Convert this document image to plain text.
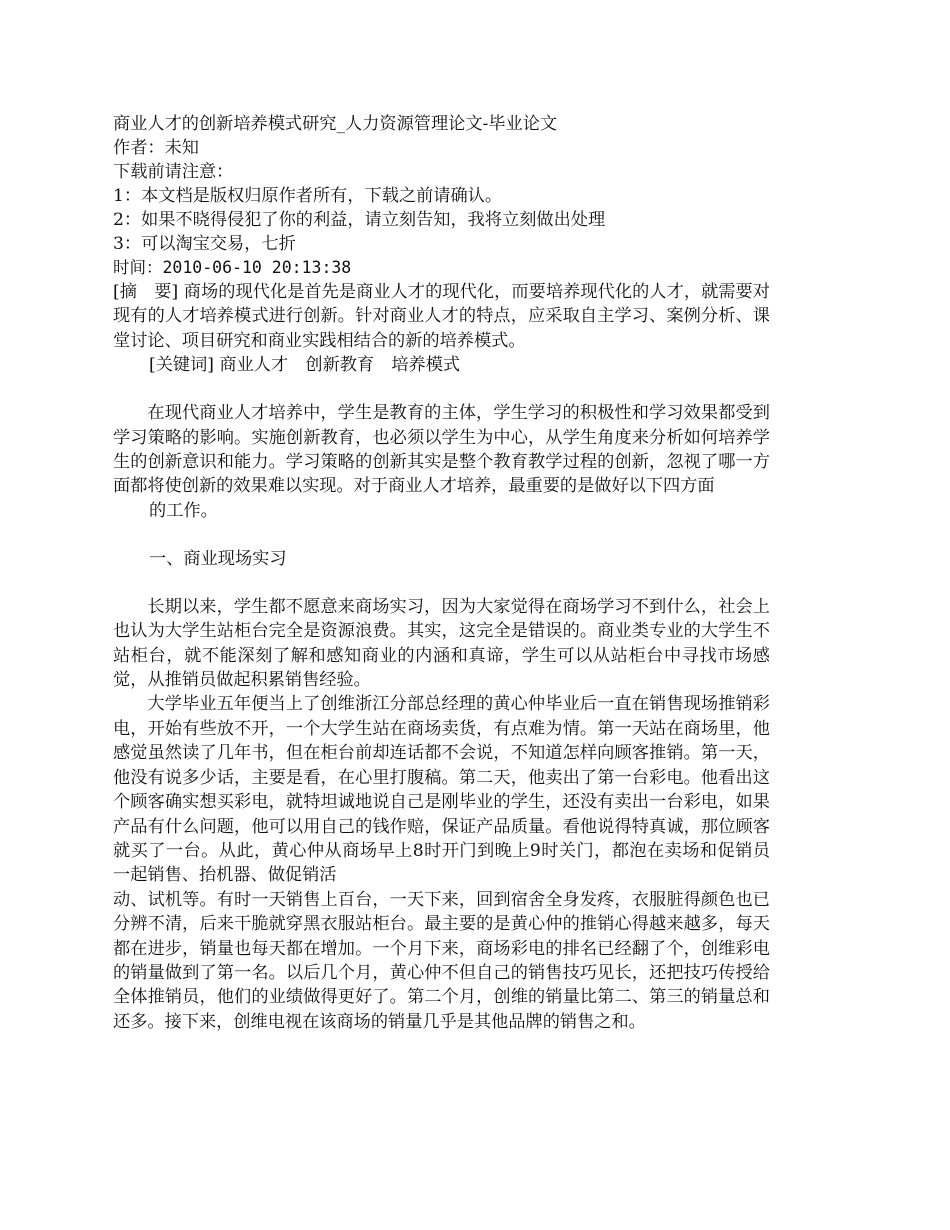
商业人才的创新培养模式研究_人力资源管理论文-毕业论文

作者：未知

下载前请注意：

1：本文档是版权归原作者所有，下载之前请确认。

2：如果不晓得侵犯了你的利益，请立刻告知，我将立刻做出处理

3：可以淘宝交易，七折

时间：2010-06-10 20:13:38

[摘　要] 商场的现代化是首先是商业人才的现代化，而要培养现代化的人才，就需要对现有的人才培养模式进行创新。针对商业人才的特点，应采取自主学习、案例分析、课堂讨论、项目研究和商业实践相结合的新的培养模式。

[关键词] 商业人才　创新教育　培养模式

在现代商业人才培养中，学生是教育的主体，学生学习的积极性和学习效果都受到学习策略的影响。实施创新教育，也必须以学生为中心，从学生角度来分析如何培养学生的创新意识和能力。学习策略的创新其实是整个教育教学过程的创新，忽视了哪一方面都将使创新的效果难以实现。对于商业人才培养，最重要的是做好以下四方面

的工作。

一、商业现场实习

长期以来，学生都不愿意来商场实习，因为大家觉得在商场学习不到什么，社会上也认为大学生站柜台完全是资源浪费。其实，这完全是错误的。商业类专业的大学生不站柜台，就不能深刻了解和感知商业的内涵和真谛，学生可以从站柜台中寻找市场感觉，从推销员做起积累销售经验。

大学毕业五年便当上了创维浙江分部总经理的黄心仲毕业后一直在销售现场推销彩电，开始有些放不开，一个大学生站在商场卖货，有点难为情。第一天站在商场里，他感觉虽然读了几年书，但在柜台前却连话都不会说，不知道怎样向顾客推销。第一天，他没有说多少话，主要是看，在心里打腹稿。第二天，他卖出了第一台彩电。他看出这个顾客确实想买彩电，就特坦诚地说自己是刚毕业的学生，还没有卖出一台彩电，如果产品有什么问题，他可以用自己的钱作赔，保证产品质量。看他说得特真诚，那位顾客就买了一台。从此，黄心仲从商场早上8时开门到晚上9时关门，都泡在卖场和促销员一起销售、抬机器、做促销活

动、试机等。有时一天销售上百台，一天下来，回到宿舍全身发疼，衣服脏得颜色也已分辨不清，后来干脆就穿黑衣服站柜台。最主要的是黄心仲的推销心得越来越多，每天都在进步，销量也每天都在增加。一个月下来，商场彩电的排名已经翻了个，创维彩电的销量做到了第一名。以后几个月，黄心仲不但自己的销售技巧见长，还把技巧传授给全体推销员，他们的业绩做得更好了。第二个月，创维的销量比第二、第三的销量总和还多。接下来，创维电视在该商场的销量几乎是其他品牌的销售之和。
